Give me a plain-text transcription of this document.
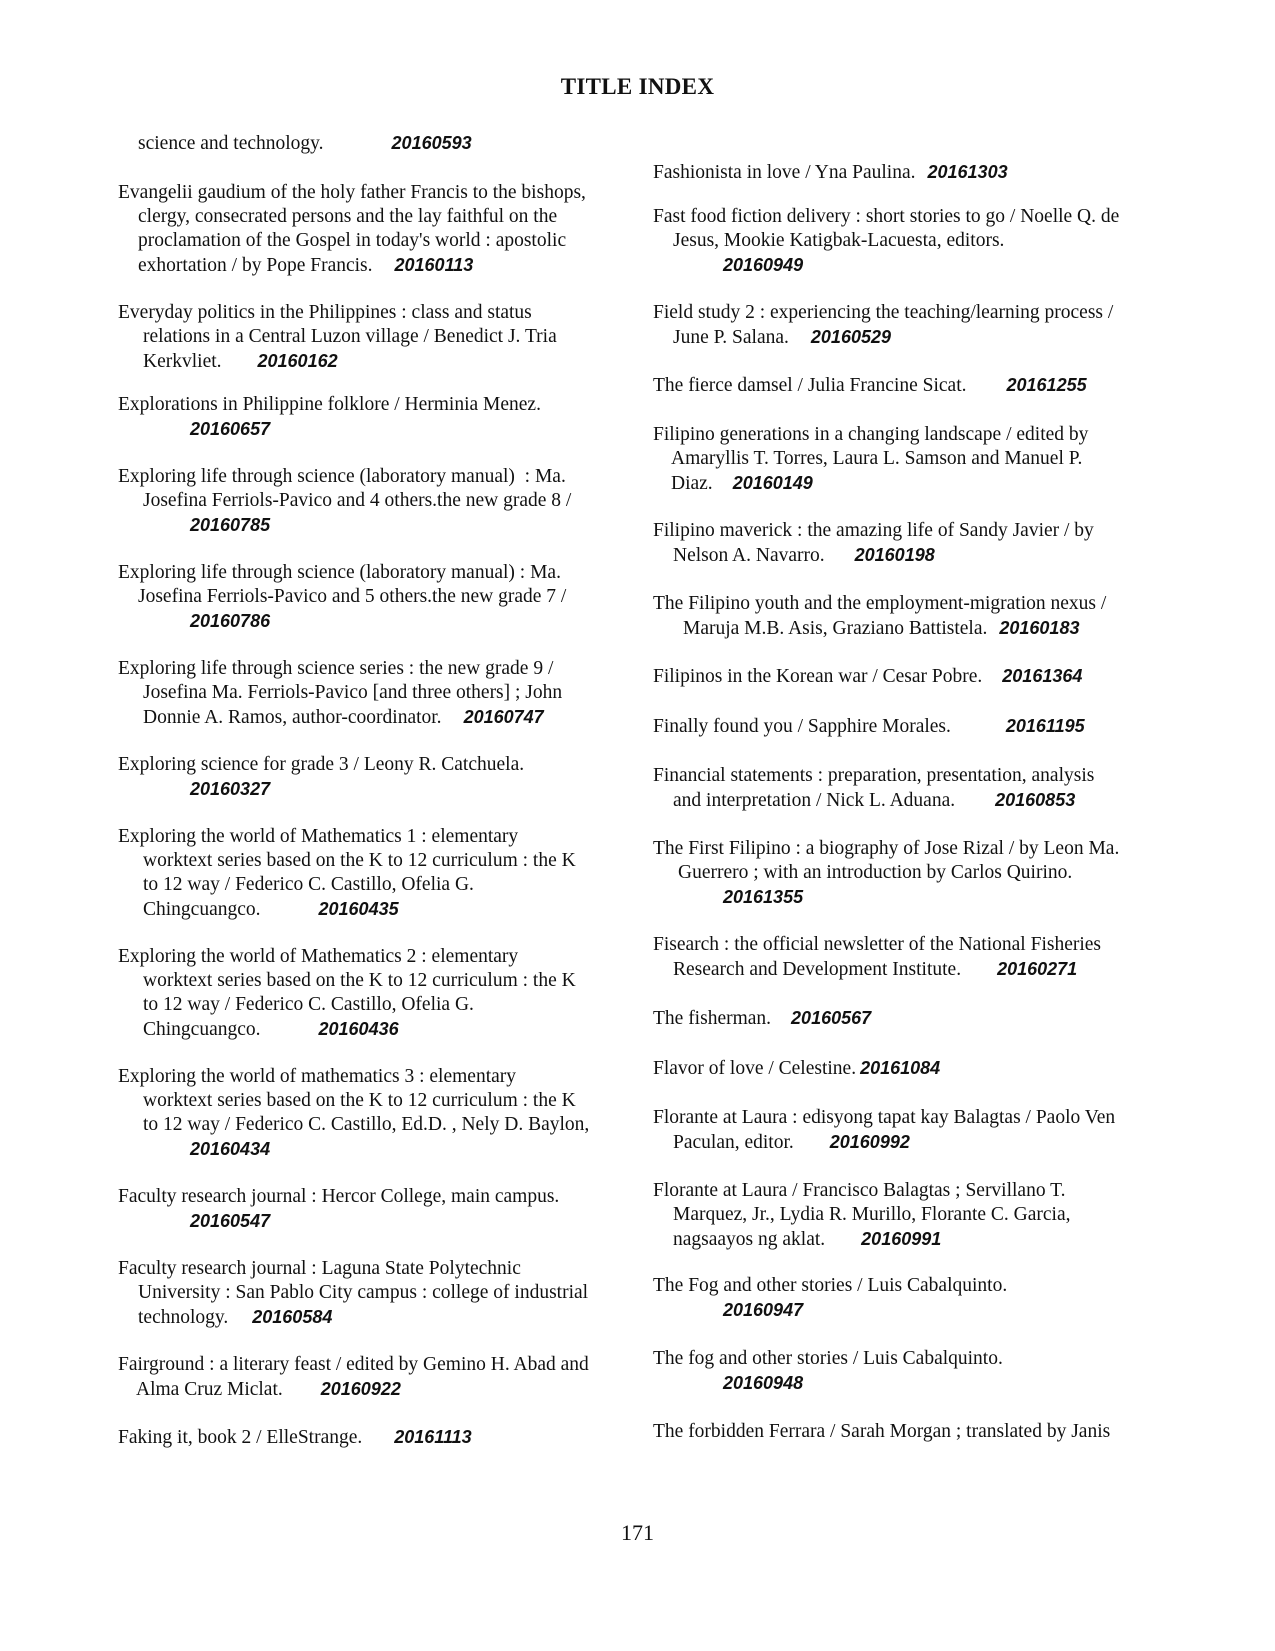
TITLE INDEX
science and technology.	20160593
Evangelii gaudium of the holy father Francis to the bishops,
clergy, consecrated persons and the lay faithful on the
proclamation of the Gospel in today's world : apostolic
exhortation / by Pope Francis. 20160113
Everyday politics in the Philippines : class and status
relations in a Central Luzon village / Benedict J. Tria
Kerkvliet. 20160162
Explorations in Philippine folklore / Herminia Menez.
20160657
Exploring life through science (laboratory manual)  : Ma.
Josefina Ferriols-Pavico and 4 others.the new grade 8 /
20160785
Exploring life through science (laboratory manual) : Ma.
Josefina Ferriols-Pavico and 5 others.the new grade 7 /
20160786
Exploring life through science series : the new grade 9 /
Josefina Ma. Ferriols-Pavico [and three others] ; John
Donnie A. Ramos, author-coordinator. 20160747
Exploring science for grade 3 / Leony R. Catchuela.
20160327
Exploring the world of Mathematics 1 : elementary
worktext series based on the K to 12 curriculum : the K
to 12 way / Federico C. Castillo, Ofelia G.
Chingcuangco.	20160435
Exploring the world of Mathematics 2 : elementary
worktext series based on the K to 12 curriculum : the K
to 12 way / Federico C. Castillo, Ofelia G.
Chingcuangco.	20160436
Exploring the world of mathematics 3 : elementary
worktext series based on the K to 12 curriculum : the K
to 12 way / Federico C. Castillo, Ed.D. , Nely D. Baylon,
20160434
Faculty research journal : Hercor College, main campus.
20160547
Faculty research journal : Laguna State Polytechnic
University : San Pablo City campus : college of industrial
technology. 20160584
Fairground : a literary feast / edited by Gemino H. Abad and
Alma Cruz Miclat. 20160922
Faking it, book 2 / ElleStrange. 20161113
Fashionista in love / Yna Paulina. 20161303
Fast food fiction delivery : short stories to go / Noelle Q. de
Jesus, Mookie Katigbak-Lacuesta, editors.
20160949
Field study 2 : experiencing the teaching/learning process /
June P. Salana. 20160529
The fierce damsel / Julia Francine Sicat. 20161255
Filipino generations in a changing landscape / edited by
Amaryllis T. Torres, Laura L. Samson and Manuel P.
Diaz. 20160149
Filipino maverick : the amazing life of Sandy Javier / by
Nelson A. Navarro. 20160198
The Filipino youth and the employment-migration nexus /
Maruja M.B. Asis, Graziano Battistela. 20160183
Filipinos in the Korean war / Cesar Pobre. 20161364
Finally found you / Sapphire Morales.	20161195
Financial statements : preparation, presentation, analysis
and interpretation / Nick L. Aduana. 20160853
The First Filipino : a biography of Jose Rizal / by Leon Ma.
Guerrero ; with an introduction by Carlos Quirino.
20161355
Fisearch : the official newsletter of the National Fisheries
Research and Development Institute. 20160271
The fisherman. 20160567
Flavor of love / Celestine. 20161084
Florante at Laura : edisyong tapat kay Balagtas / Paolo Ven
Paculan, editor. 20160992
Florante at Laura / Francisco Balagtas ; Servillano T.
Marquez, Jr., Lydia R. Murillo, Florante C. Garcia,
nagsaayos ng aklat. 20160991
The Fog and other stories / Luis Cabalquinto.
20160947
The fog and other stories / Luis Cabalquinto.
20160948
The forbidden Ferrara / Sarah Morgan ; translated by Janis
171
